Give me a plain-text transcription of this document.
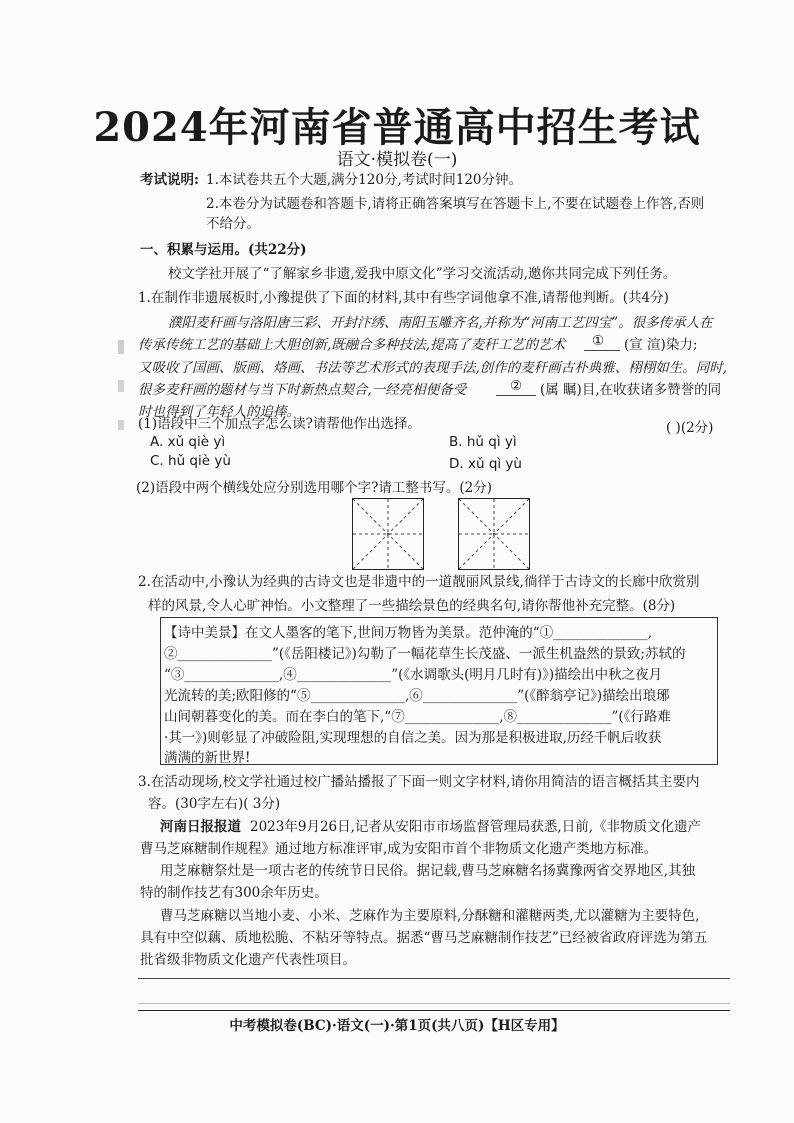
2024年河南省普通高中招生考试
语文·模拟卷(一)
考试说明: 1.本试卷共五个大题,满分120分,考试时间120分钟。
2.本卷分为试题卷和答题卡,请将正确答案填写在答题卡上,不要在试题卷上作答,否则
不给分。
一、积累与运用。(共22分)
校文学社开展了“了解家乡非遗,爱我中原文化”学习交流活动,邀你共同完成下列任务。
1.在制作非遗展板时,小豫提供了下面的材料,其中有些字词他拿不准,请帮他判断。(共4分)
濮阳麦秆画与洛阳唐三彩、开封汴绣、南阳玉雕齐名,并称为“河南工艺四宝”。很多传承人在
传承传统工艺的基础上大胆创新,既融合多种技法,提高了麦秆工艺的艺术 ① (宣 渲)染力;
又吸收了国画、版画、烙画、书法等艺术形式的表现手法,创作的麦秆画古朴典雅、栩栩如生。同时,
很多麦秆画的题材与当下时新热点契合,一经亮相便备受	② (属 瞩)目,在收获诸多赞誉的同
时也得到了年轻人的追捧。
(1)语段中三个加点字怎么读?请帮他作出选择。	( )(2分)
A. xǔ qiè yì	B. hǔ qì yì
C. hǔ qiè yù	D. xǔ qì yù
(2)语段中两个横线处应分别选用哪个字?请工整书写。(2分)
2.在活动中,小豫认为经典的古诗文也是非遗中的一道靓丽风景线,徜徉于古诗文的长廊中欣赏别
样的风景,令人心旷神怡。小文整理了一些描绘景色的经典名句,请你帮他补充完整。(8分)
【诗中美景】在文人墨客的笔下,世间万物皆为美景。范仲淹的“①______________,
②______________”(《岳阳楼记》)勾勒了一幅花草生长茂盛、一派生机盎然的景致;苏轼的
“③______________,④______________”(《水调歌头(明月几时有)》)描绘出中秋之夜月
光流转的美;欧阳修的“⑤______________,⑥______________”(《醉翁亭记》)描绘出琅琊
山间朝暮变化的美。而在李白的笔下,“⑦______________,⑧______________”(《行路难
·其一》)则彰显了冲破险阻,实现理想的自信之美。因为那是积极进取,历经千帆后收获
满满的新世界!
3.在活动现场,校文学社通过校广播站播报了下面一则文字材料,请你用简洁的语言概括其主要内
容。(30字左右)( 3分)
河南日报报道 2023年9月26日,记者从安阳市市场监督管理局获悉,日前,《非物质文化遗产
曹马芝麻糖制作规程》通过地方标准评审,成为安阳市首个非物质文化遗产类地方标准。
用芝麻糖祭灶是一项古老的传统节日民俗。据记载,曹马芝麻糖名扬冀豫两省交界地区,其独
特的制作技艺有300余年历史。
曹马芝麻糖以当地小麦、小米、芝麻作为主要原料,分酥糖和灌糖两类,尤以灌糖为主要特色,
具有中空似藕、质地松脆、不粘牙等特点。据悉“曹马芝麻糖制作技艺”已经被省政府评选为第五
批省级非物质文化遗产代表性项目。
中考模拟卷(BC)·语文(一)·第1页(共八页)【H区专用】
